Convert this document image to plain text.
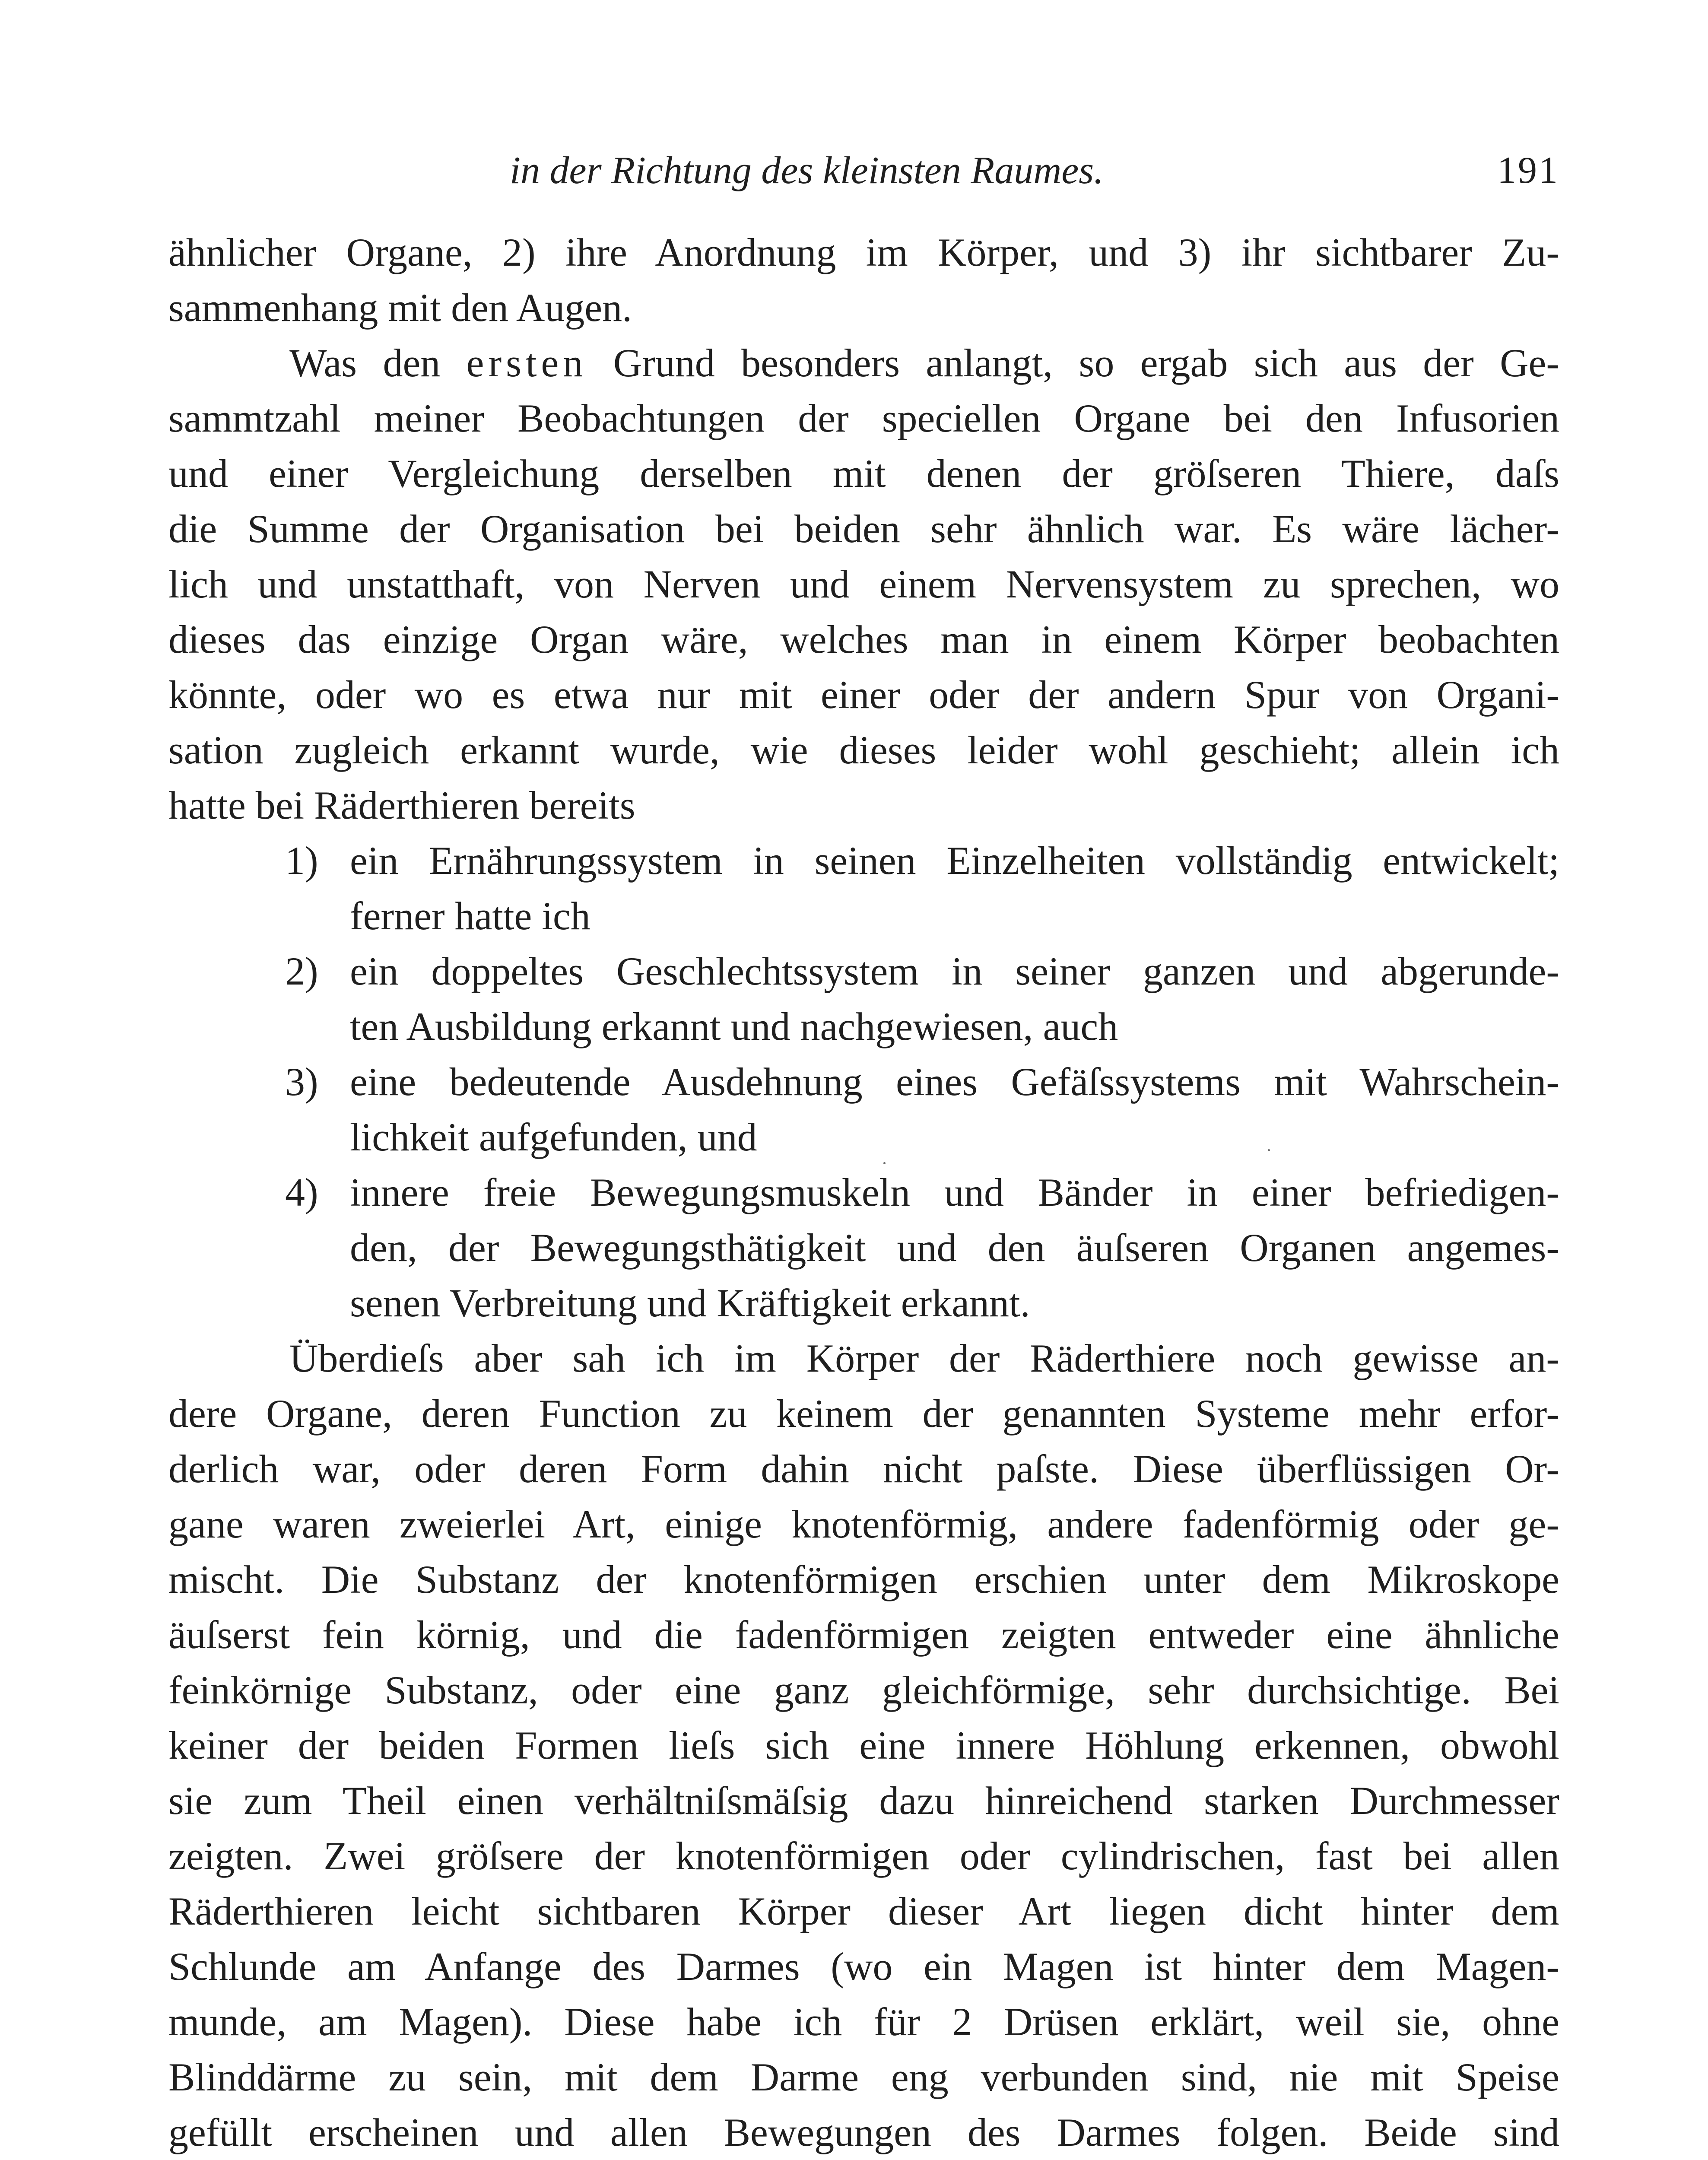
in der Richtung des kleinsten Raumes.	191
ähnlicher Organe, 2) ihre Anordnung im Körper, und 3) ihr sichtbarer Zu-
sammenhang mit den Augen.
Was den ersten Grund besonders anlangt, so ergab sich aus der Ge-
sammtzahl meiner Beobachtungen der speciellen Organe bei den Infusorien
und einer Vergleichung derselben mit denen der gröſseren Thiere, daſs
die Summe der Organisation bei beiden sehr ähnlich war. Es wäre lächer-
lich und unstatthaft, von Nerven und einem Nervensystem zu sprechen, wo
dieses das einzige Organ wäre, welches man in einem Körper beobachten
könnte, oder wo es etwa nur mit einer oder der andern Spur von Organi-
sation zugleich erkannt wurde, wie dieses leider wohl geschieht; allein ich
hatte bei Räderthieren bereits
1) ein Ernährungssystem in seinen Einzelheiten vollständig entwickelt;
ferner hatte ich
2) ein doppeltes Geschlechtssystem in seiner ganzen und abgerunde-
ten Ausbildung erkannt und nachgewiesen, auch
3) eine bedeutende Ausdehnung eines Gefäſssystems mit Wahrschein-
lichkeit aufgefunden, und
4) innere freie Bewegungsmuskeln und Bänder in einer befriedigen-
den, der Bewegungsthätigkeit und den äuſseren Organen angemes-
senen Verbreitung und Kräftigkeit erkannt.
Überdieſs aber sah ich im Körper der Räderthiere noch gewisse an-
dere Organe, deren Function zu keinem der genannten Systeme mehr erfor-
derlich war, oder deren Form dahin nicht paſste. Diese überflüssigen Or-
gane waren zweierlei Art, einige knotenförmig, andere fadenförmig oder ge-
mischt. Die Substanz der knotenförmigen erschien unter dem Mikroskope
äuſserst fein körnig, und die fadenförmigen zeigten entweder eine ähnliche
feinkörnige Substanz, oder eine ganz gleichförmige, sehr durchsichtige. Bei
keiner der beiden Formen lieſs sich eine innere Höhlung erkennen, obwohl
sie zum Theil einen verhältniſsmäſsig dazu hinreichend starken Durchmesser
zeigten. Zwei gröſsere der knotenförmigen oder cylindrischen, fast bei allen
Räderthieren leicht sichtbaren Körper dieser Art liegen dicht hinter dem
Schlunde am Anfange des Darmes (wo ein Magen ist hinter dem Magen-
munde, am Magen). Diese habe ich für 2 Drüsen erklärt, weil sie, ohne
Blinddärme zu sein, mit dem Darme eng verbunden sind, nie mit Speise
gefüllt erscheinen und allen Bewegungen des Darmes folgen. Beide sind
